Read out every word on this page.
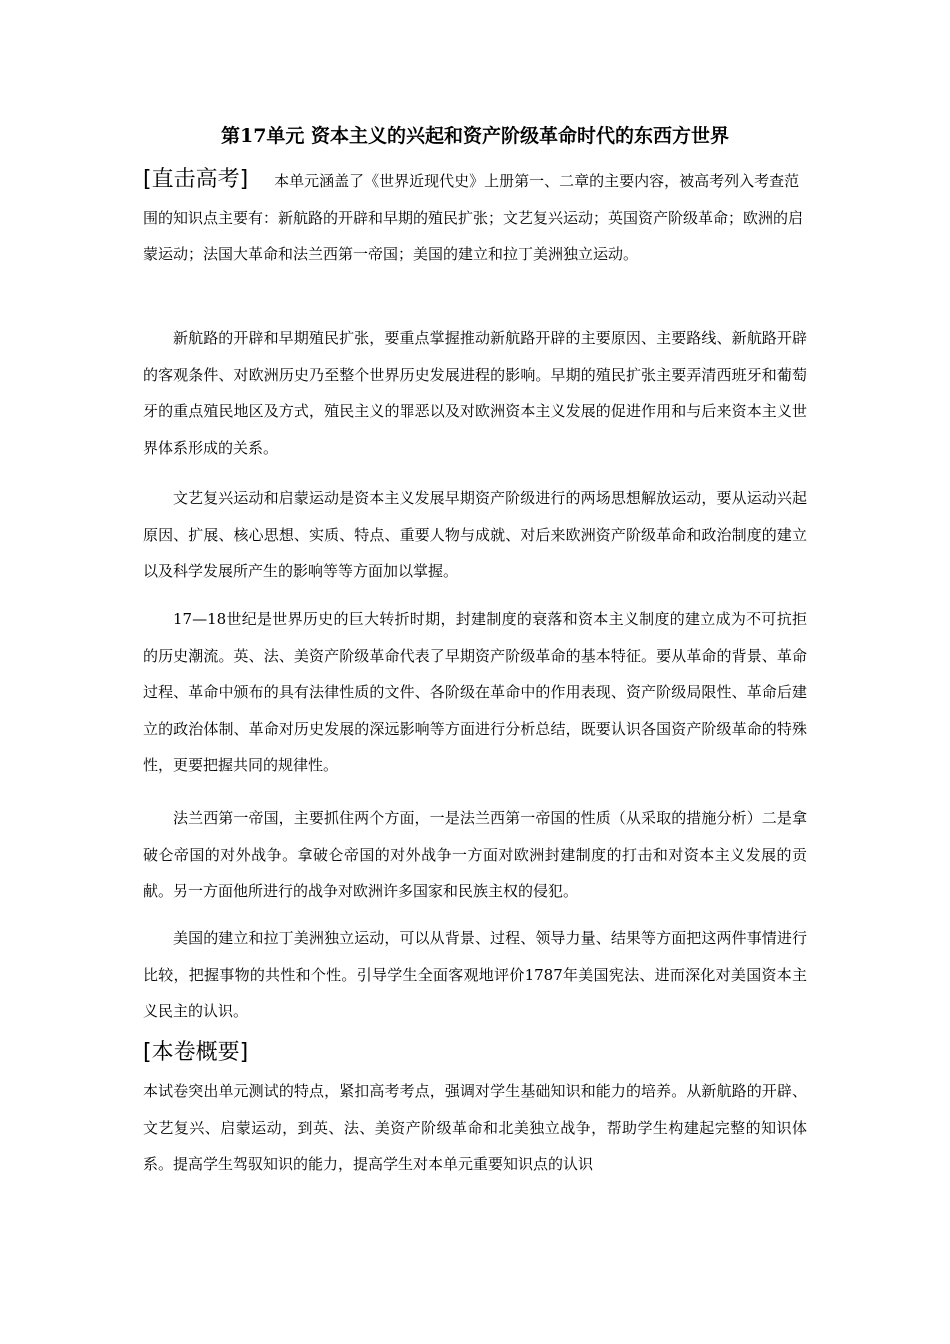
第17单元 资本主义的兴起和资产阶级革命时代的东西方世界

[直击高考] 本单元涵盖了《世界近现代史》上册第一、二章的主要内容，被高考列入考查范围的知识点主要有：新航路的开辟和早期的殖民扩张；文艺复兴运动；英国资产阶级革命；欧洲的启蒙运动；法国大革命和法兰西第一帝国；美国的建立和拉丁美洲独立运动。

新航路的开辟和早期殖民扩张，要重点掌握推动新航路开辟的主要原因、主要路线、新航路开辟的客观条件、对欧洲历史乃至整个世界历史发展进程的影响。早期的殖民扩张主要弄清西班牙和葡萄牙的重点殖民地区及方式，殖民主义的罪恶以及对欧洲资本主义发展的促进作用和与后来资本主义世界体系形成的关系。

文艺复兴运动和启蒙运动是资本主义发展早期资产阶级进行的两场思想解放运动，要从运动兴起原因、扩展、核心思想、实质、特点、重要人物与成就、对后来欧洲资产阶级革命和政治制度的建立以及科学发展所产生的影响等等方面加以掌握。

17—18世纪是世界历史的巨大转折时期，封建制度的衰落和资本主义制度的建立成为不可抗拒的历史潮流。英、法、美资产阶级革命代表了早期资产阶级革命的基本特征。要从革命的背景、革命过程、革命中颁布的具有法律性质的文件、各阶级在革命中的作用表现、资产阶级局限性、革命后建立的政治体制、革命对历史发展的深远影响等方面进行分析总结，既要认识各国资产阶级革命的特殊性，更要把握共同的规律性。

法兰西第一帝国，主要抓住两个方面，一是法兰西第一帝国的性质（从采取的措施分析）二是拿破仑帝国的对外战争。拿破仑帝国的对外战争一方面对欧洲封建制度的打击和对资本主义发展的贡献。另一方面他所进行的战争对欧洲许多国家和民族主权的侵犯。

美国的建立和拉丁美洲独立运动，可以从背景、过程、领导力量、结果等方面把这两件事情进行比较，把握事物的共性和个性。引导学生全面客观地评价1787年美国宪法、进而深化对美国资本主义民主的认识。

[本卷概要]

本试卷突出单元测试的特点，紧扣高考考点，强调对学生基础知识和能力的培养。从新航路的开辟、文艺复兴、启蒙运动，到英、法、美资产阶级革命和北美独立战争，帮助学生构建起完整的知识体系。提高学生驾驭知识的能力，提高学生对本单元重要知识点的认识
